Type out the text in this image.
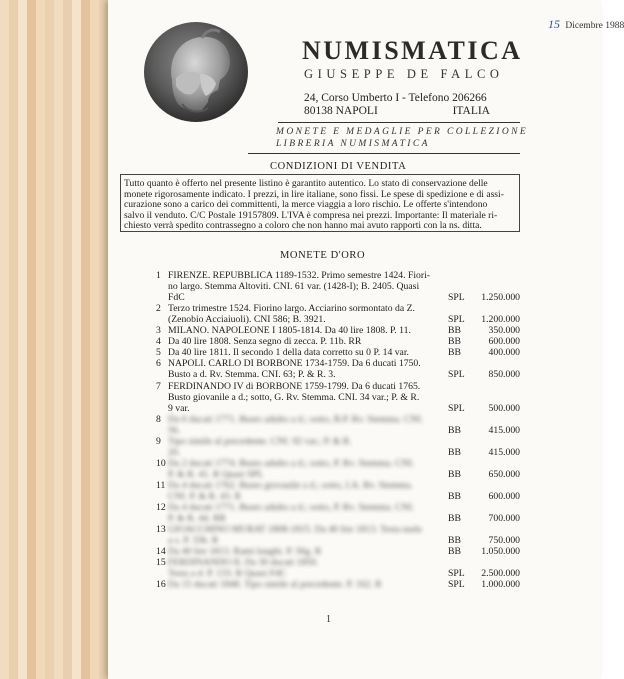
15 Dicembre 1988
NUMISMATICA
GIUSEPPE DE FALCO
24, Corso Umberto I - Telefono 206266
80138 NAPOLI	ITALIA
MONETE E MEDAGLIE PER COLLEZIONE
LIBRERIA NUMISMATICA
CONDIZIONI DI VENDITA
Tutto quanto è offerto nel presente listino è garantito autentico. Lo stato di conservazione delle
monete rigorosamente indicato. I prezzi, in lire italiane, sono fissi. Le spese di spedizione e di assi-
curazione sono a carico dei committenti, la merce viaggia a loro rischio. Le offerte s'intendono
salvo il venduto. C/C Postale 19157809. L'IVA è compresa nei prezzi. Importante: Il materiale ri-
chiesto verrà spedito contrassegno a coloro che non hanno mai avuto rapporti con la ns. ditta.
MONETE D'ORO
1 FIRENZE. REPUBBLICA 1189-1532. Primo semestre 1424. Fiori-
no largo. Stemma Altoviti. CNI. 61 var. (1428-I); B. 2405. Quasi
FdC	SPL	1.250.000
2 Terzo trimestre 1524. Fiorino largo. Acciarino sormontato da Z.
(Zenobio Acciaiuoli). CNI 586; B. 3921.	SPL	1.200.000
3 MILANO. NAPOLEONE I 1805-1814. Da 40 lire 1808. P. 11.	BB	350.000
4 Da 40 lire 1808. Senza segno di zecca. P. 11b. RR	BB	600.000
5 Da 40 lire 1811. Il secondo 1 della data corretto su 0 P. 14 var.	BB	400.000
6 NAPOLI. CARLO DI BORBONE 1734-1759. Da 6 ducati 1750.
Busto a d. Rv. Stemma. CNI. 63; P. & R. 3.	SPL	850.000
7 FERDINANDO IV di BORBONE 1759-1799. Da 6 ducati 1765.
Busto giovanile a d.; sotto, G. Rv. Stemma. CNI. 34 var.; P. & R.
9 var.	SPL	500.000
8 Da 6 ducati 1771. Busto adulto a d.; sotto, B.P. Rv. Stemma. CNI.
56.	BB	415.000
9 Tipo simile al precedente. CNI. 92 var.; P. & R.
20.	BB	415.000
10 Da 2 ducati 1774. Busto adulto a d.; sotto, P. Rv. Stemma. CNI.
P. & R. 41. R Quasi SPL	BB	650.000
11 Da 4 ducati 1762. Busto giovanile a d.; sotto, I.A. Rv. Stemma.
CNI. P. & R. 43. R	BB	600.000
12 Da 4 ducati 1771. Busto adulto a d.; sotto, P. Rv. Stemma. CNI.
P. & R. 44. RR	BB	700.000
13 GIOACCHINO MURAT 1808-1815. Da 40 lire 1813. Testa nuda
a s. P. 33b. R	BB	750.000
14 Da 40 lire 1813. Rami lunghi. P. 56g. R	BB	1.050.000
15 FERDINANDO II. Da 30 ducati 1850.
Testa a d. P. 133. R Quasi FdC	SPL	2.500.000
16 Da 15 ducati 1848. Tipo simile al precedente. P. 162. R	SPL	1.000.000
1
